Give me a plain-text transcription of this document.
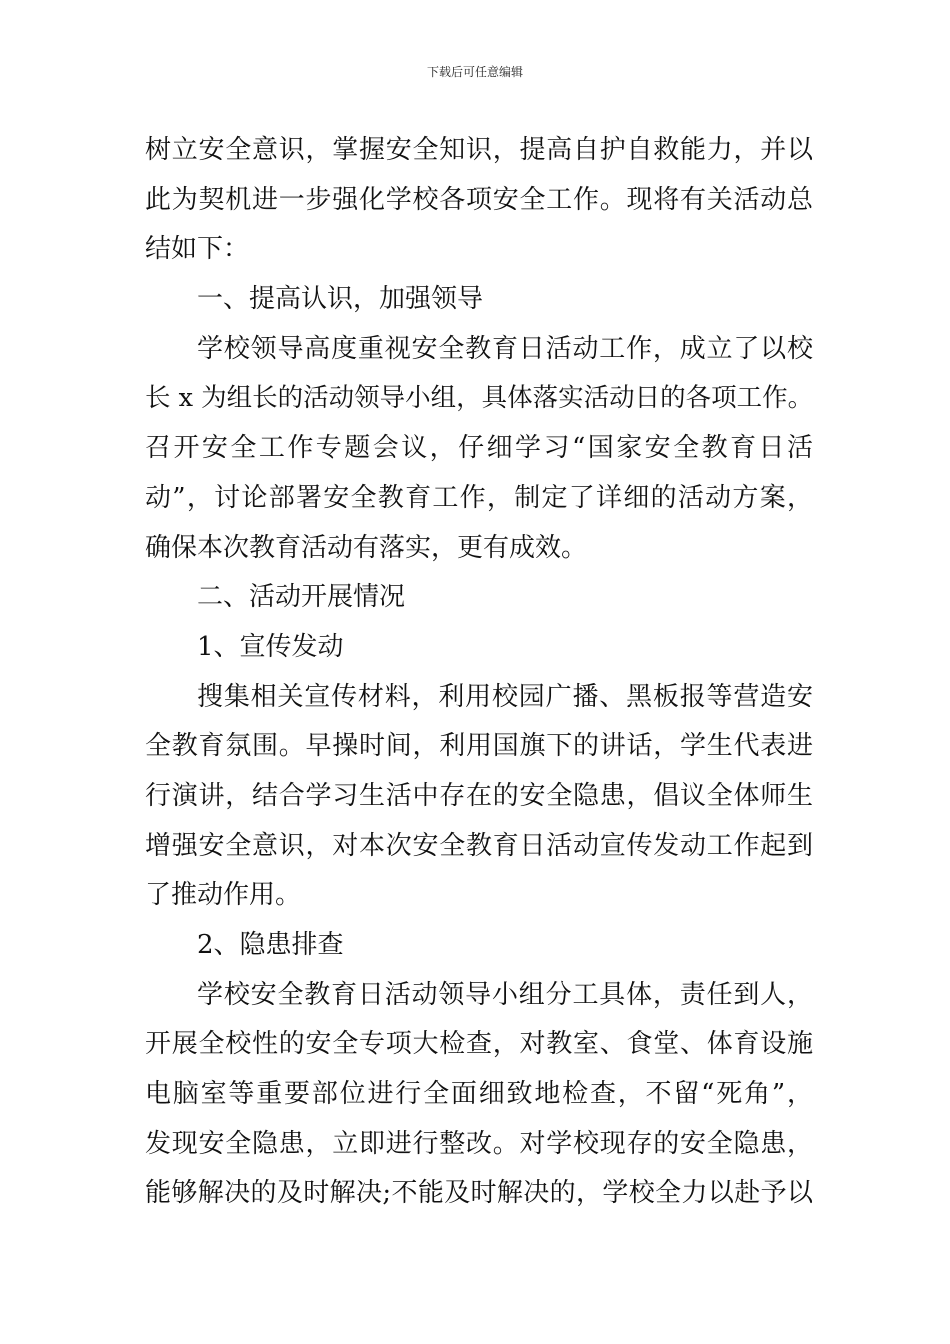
下载后可任意编辑
树立安全意识，掌握安全知识，提高自护自救能力，并以
此为契机进一步强化学校各项安全工作。现将有关活动总
结如下：
一、提高认识，加强领导
学校领导高度重视安全教育日活动工作，成立了以校
长 x 为组长的活动领导小组，具体落实活动日的各项工作。
召开安全工作专题会议，仔细学习“国家安全教育日活
动”，讨论部署安全教育工作，制定了详细的活动方案，
确保本次教育活动有落实，更有成效。
二、活动开展情况
1、宣传发动
搜集相关宣传材料，利用校园广播、黑板报等营造安
全教育氛围。早操时间，利用国旗下的讲话，学生代表进
行演讲，结合学习生活中存在的安全隐患，倡议全体师生
增强安全意识，对本次安全教育日活动宣传发动工作起到
了推动作用。
2、隐患排查
学校安全教育日活动领导小组分工具体，责任到人，
开展全校性的安全专项大检查，对教室、食堂、体育设施
电脑室等重要部位进行全面细致地检查，不留“死角”，
发现安全隐患，立即进行整改。对学校现存的安全隐患，
能够解决的及时解决;不能及时解决的，学校全力以赴予以
